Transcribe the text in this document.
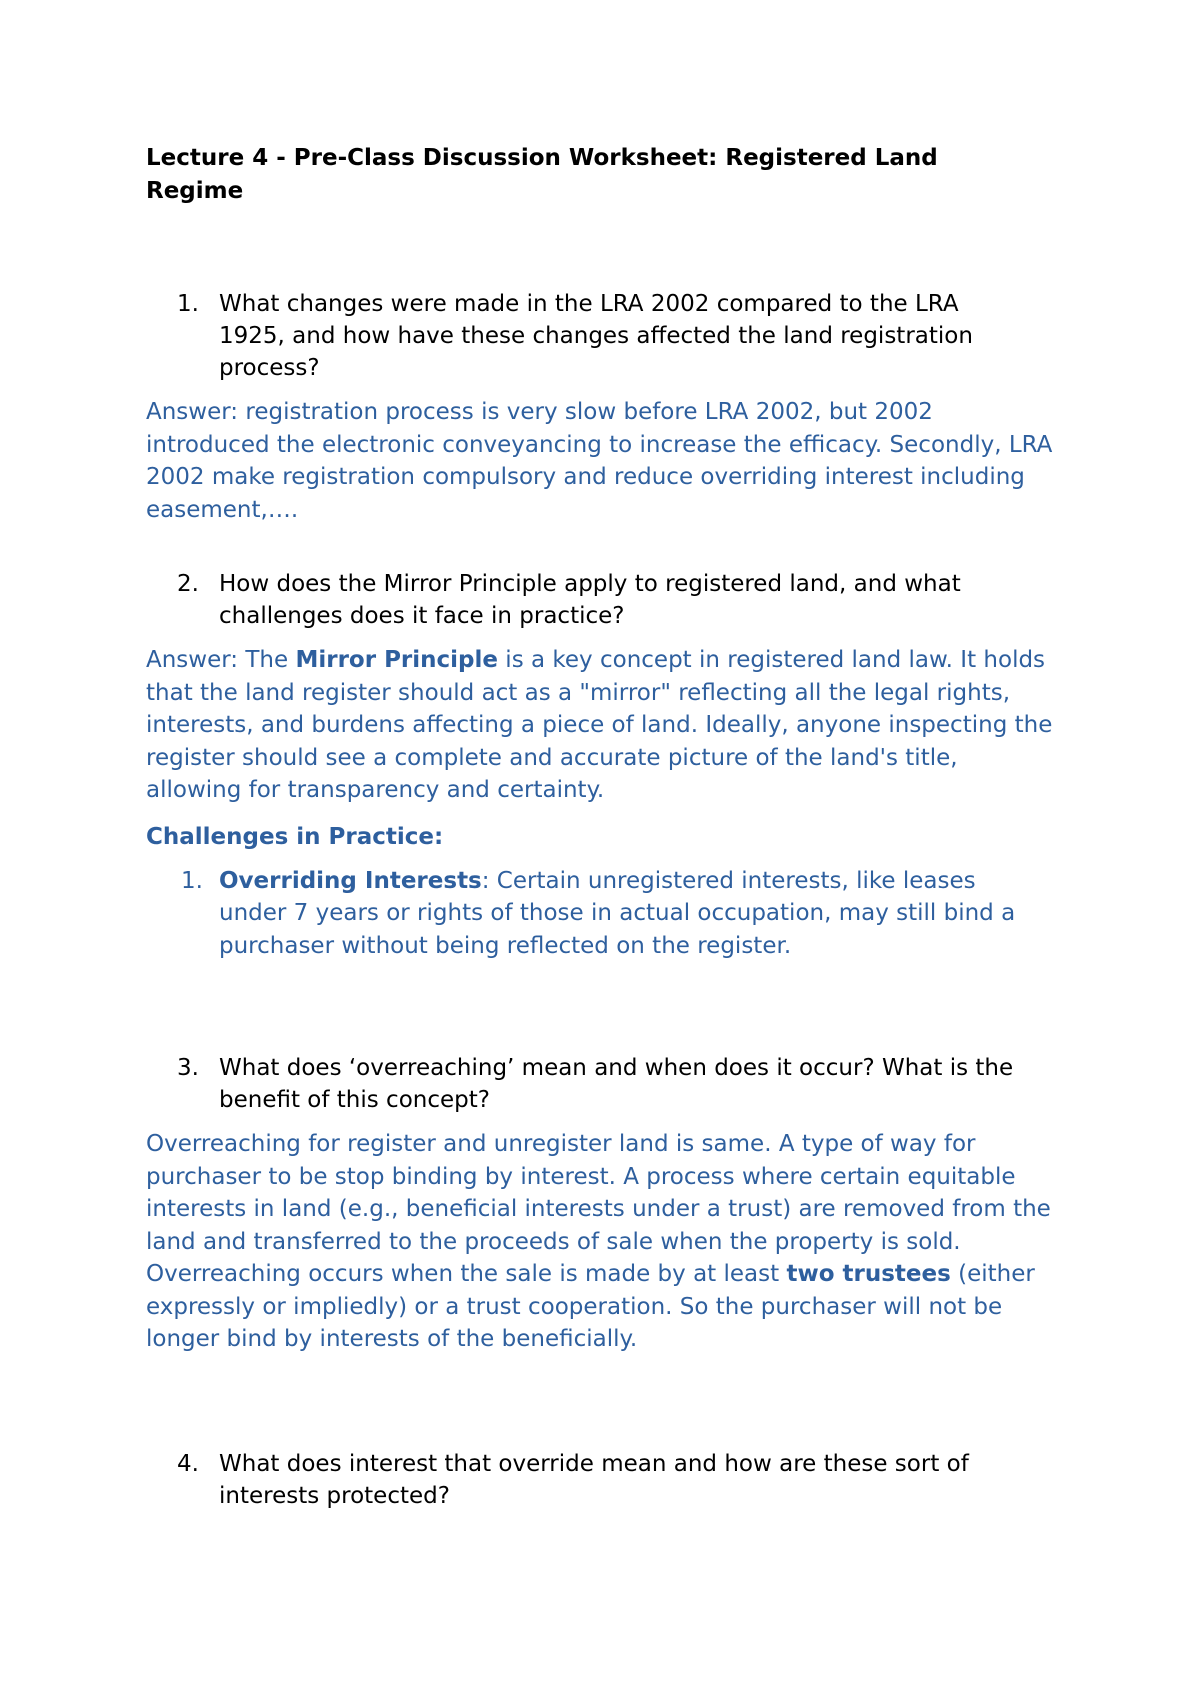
Lecture 4 - Pre-Class Discussion Worksheet: Registered Land Regime
1. What changes were made in the LRA 2002 compared to the LRA 1925, and how have these changes affected the land registration process?
Answer: registration process is very slow before LRA 2002, but 2002 introduced the electronic conveyancing to increase the efficacy. Secondly, LRA 2002 make registration compulsory and reduce overriding interest including easement,….
2. How does the Mirror Principle apply to registered land, and what challenges does it face in practice?
Answer: The Mirror Principle is a key concept in registered land law. It holds that the land register should act as a "mirror" reflecting all the legal rights, interests, and burdens affecting a piece of land. Ideally, anyone inspecting the register should see a complete and accurate picture of the land's title, allowing for transparency and certainty.
Challenges in Practice:
1. Overriding Interests: Certain unregistered interests, like leases under 7 years or rights of those in actual occupation, may still bind a purchaser without being reflected on the register.
3. What does ‘overreaching’ mean and when does it occur? What is the benefit of this concept?
Overreaching for register and unregister land is same. A type of way for purchaser to be stop binding by interest. A process where certain equitable interests in land (e.g., beneficial interests under a trust) are removed from the land and transferred to the proceeds of sale when the property is sold. Overreaching occurs when the sale is made by at least two trustees (either expressly or impliedly) or a trust cooperation. So the purchaser will not be longer bind by interests of the beneficially.
4. What does interest that override mean and how are these sort of interests protected?
